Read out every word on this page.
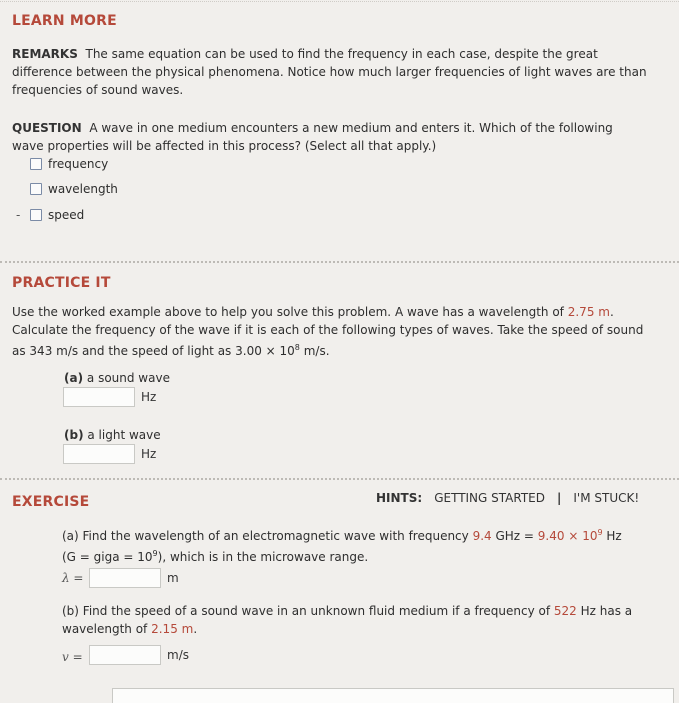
LEARN MORE
REMARKS The same equation can be used to find the frequency in each case, despite the great
difference between the physical phenomena. Notice how much larger frequencies of light waves are than
frequencies of sound waves.
QUESTION A wave in one medium encounters a new medium and enters it. Which of the following
wave properties will be affected in this process? (Select all that apply.)
frequency
wavelength
- speed
PRACTICE IT
Use the worked example above to help you solve this problem. A wave has a wavelength of 2.75 m.
Calculate the frequency of the wave if it is each of the following types of waves. Take the speed of sound
as 343 m/s and the speed of light as $3.00 \times 10^8$ m/s.
(a) a sound wave
Hz
(b) a light wave
Hz
EXERCISE	HINTS: GETTING STARTED | I'M STUCK!
(a) Find the wavelength of an electromagnetic wave with frequency 9.4 GHz = $9.40 \times 10^9$ Hz
(G = giga = $10^9$), which is in the microwave range.
λ =	m
(b) Find the speed of a sound wave in an unknown fluid medium if a frequency of 522 Hz has a
wavelength of 2.15 m.
v =	m/s
